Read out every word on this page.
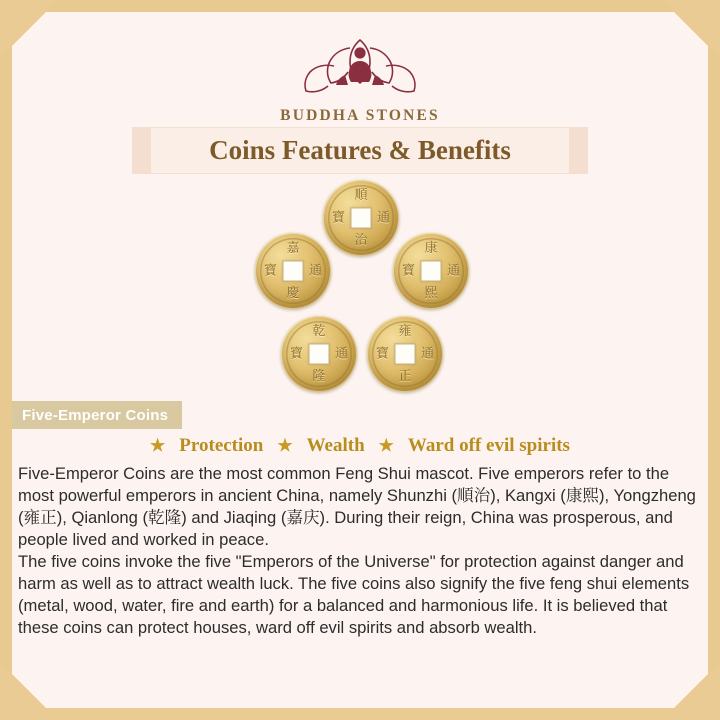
BUDDHA STONES
Coins Features & Benefits
順
通
治
寶
嘉
通
慶
寶
康
通
熙
寶
乾
通
隆
寶
雍
通
正
寶
Five-Emperor Coins
★ Protection ★ Wealth ★ Ward off evil spirits

Five-Emperor Coins are the most common Feng Shui mascot. Five emperors refer to the most powerful emperors in ancient China, namely Shunzhi (順治), Kangxi (康熙), Yongzheng (雍正), Qianlong (乾隆) and Jiaqing (嘉庆). During their reign, China was prosperous, and people lived and worked in peace.

The five coins invoke the five "Emperors of the Universe" for protection against danger and harm as well as to attract wealth luck. The five coins also signify the five feng shui elements (metal, wood, water, fire and earth) for a balanced and harmonious life. It is believed that these coins can protect houses, ward off evil spirits and absorb wealth.
